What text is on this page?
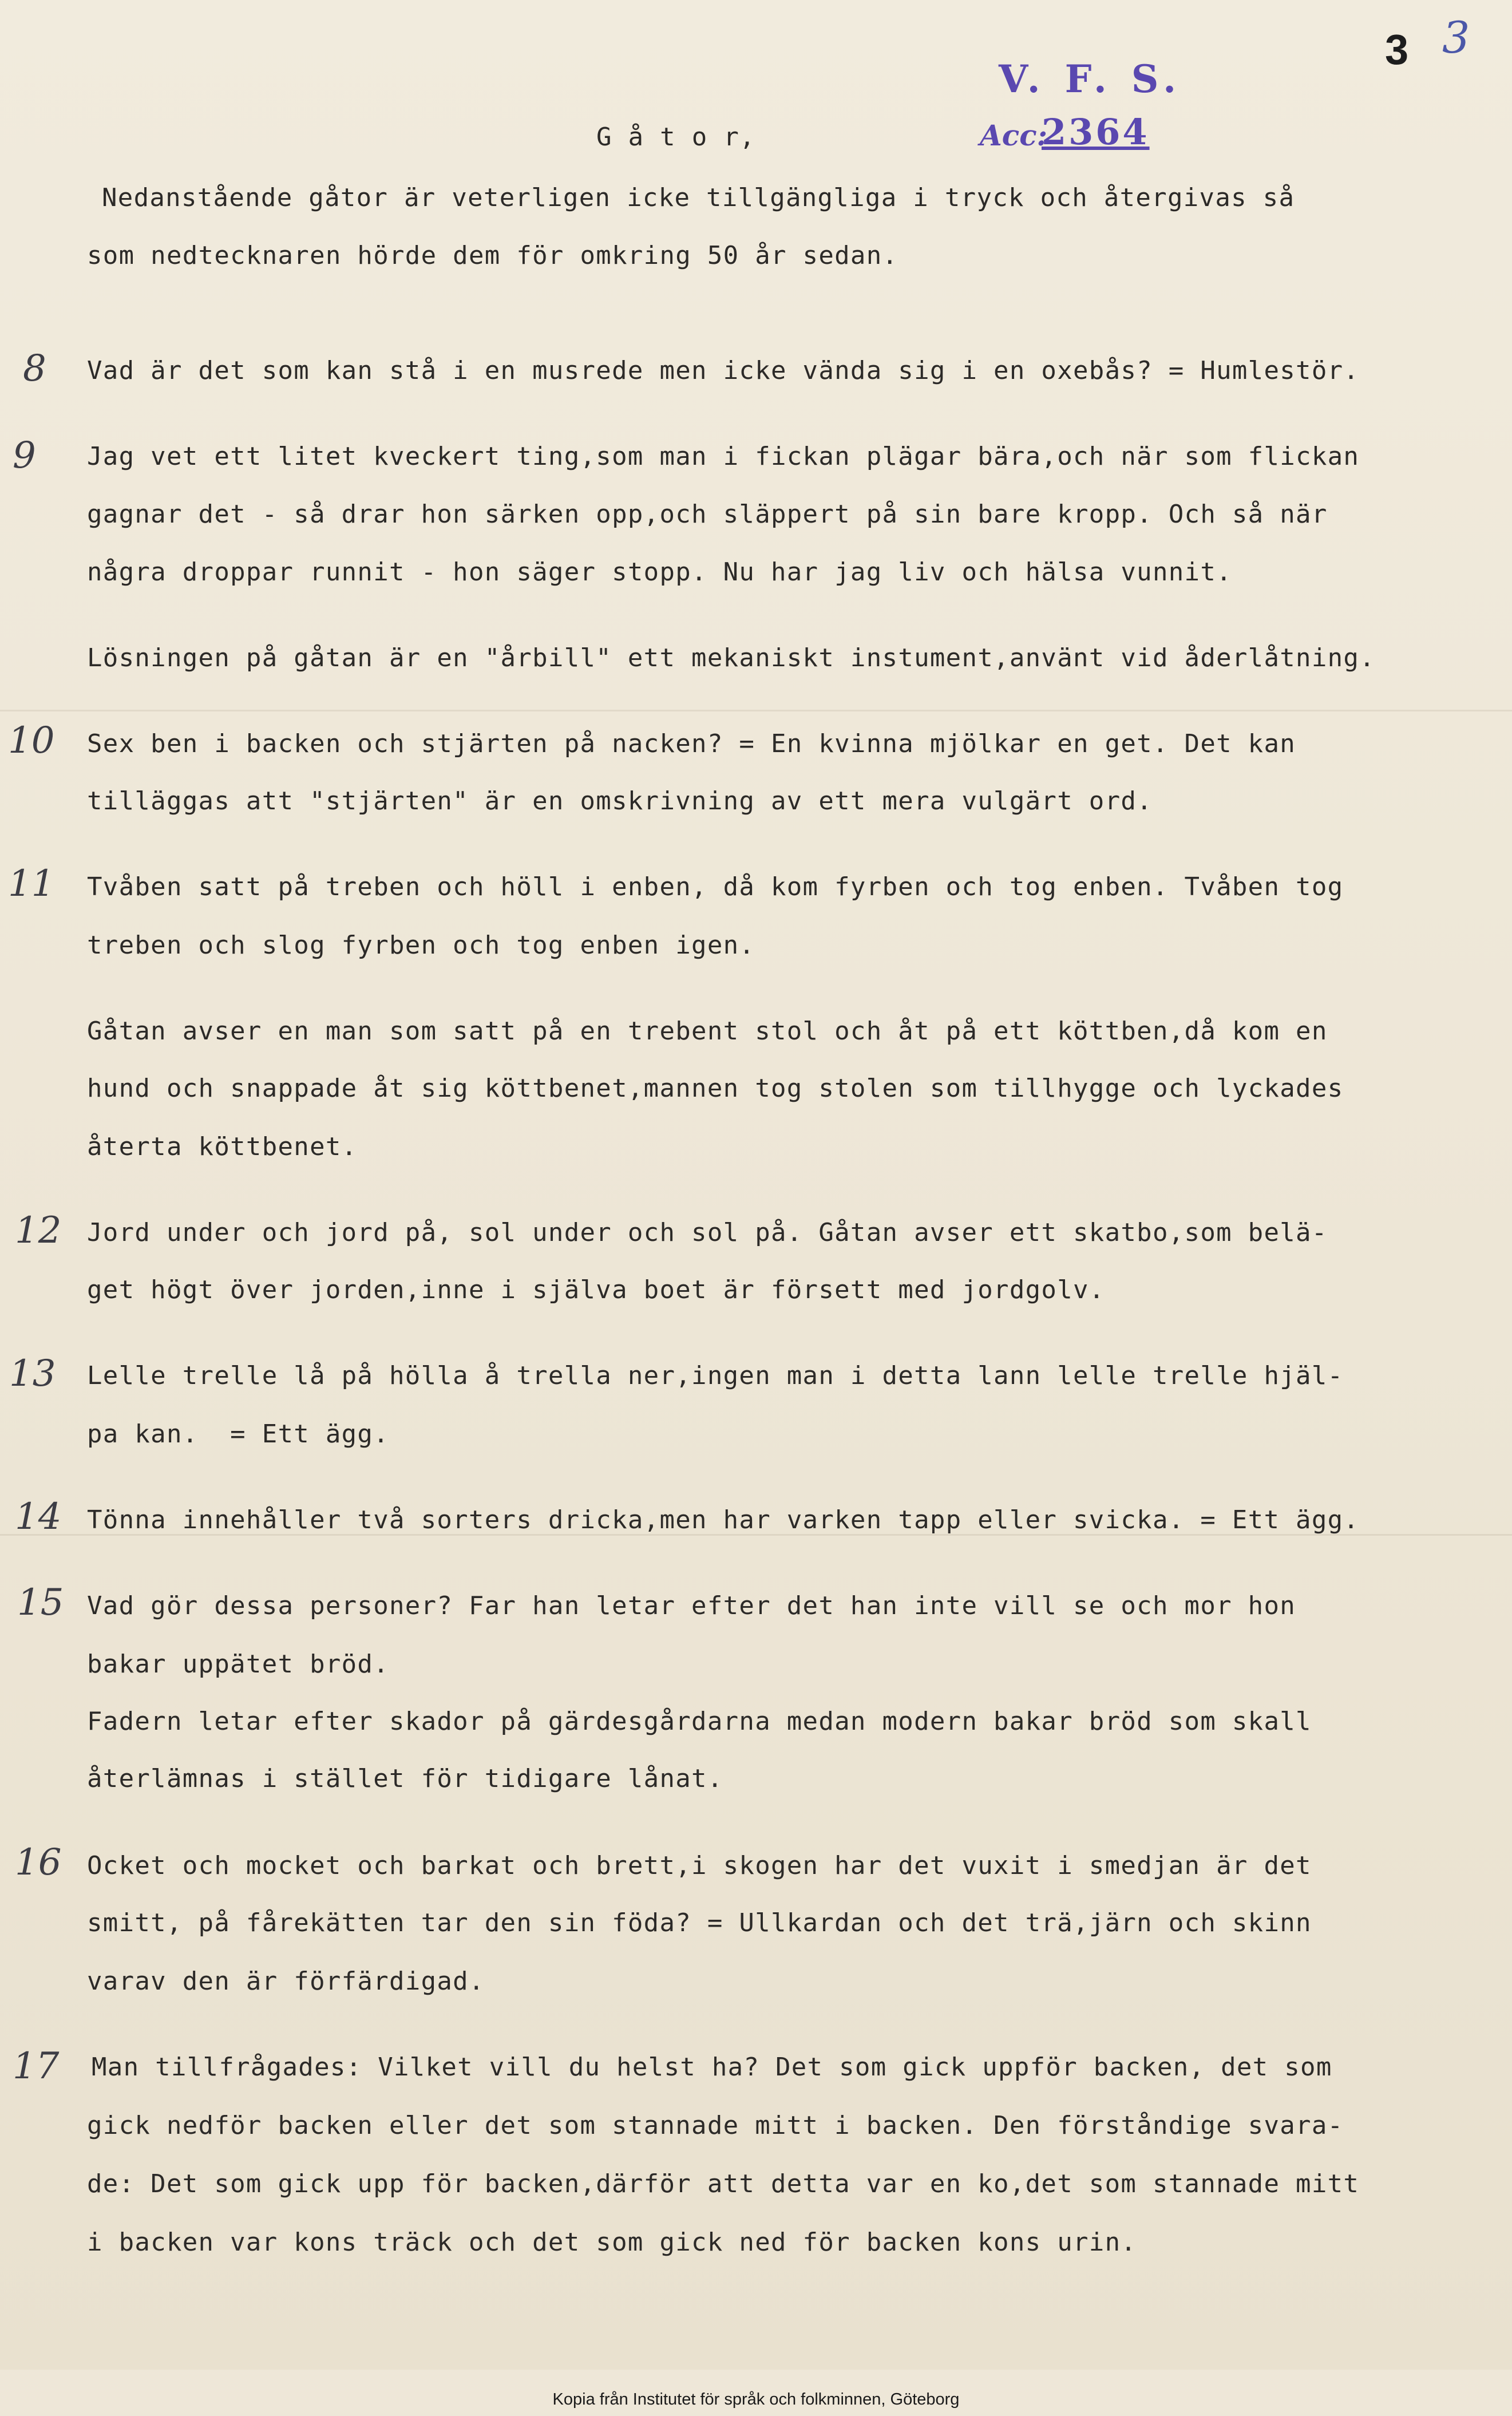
3 3
V. F. S.
Acc:
2364
G å t o r,
Nedanstående gåtor är veterligen icke tillgängliga i tryck och återgivas så
som nedtecknaren hörde dem för omkring 50 år sedan.
8 Vad är det som kan stå i en musrede men icke vända sig i en oxebås? = Humlestör.
9 Jag vet ett litet kveckert ting,som man i fickan plägar bära,och när som flickan
gagnar det - så drar hon särken opp,och släppert på sin bare kropp. Och så när
några droppar runnit - hon säger stopp. Nu har jag liv och hälsa vunnit.
Lösningen på gåtan är en "årbill" ett mekaniskt instument,använt vid åderlåtning.
10 Sex ben i backen och stjärten på nacken? = En kvinna mjölkar en get. Det kan
tilläggas att "stjärten" är en omskrivning av ett mera vulgärt ord.
11 Tvåben satt på treben och höll i enben, då kom fyrben och tog enben. Tvåben tog
treben och slog fyrben och tog enben igen.
Gåtan avser en man som satt på en trebent stol och åt på ett köttben,då kom en
hund och snappade åt sig köttbenet,mannen tog stolen som tillhygge och lyckades
återta köttbenet.
12 Jord under och jord på, sol under och sol på. Gåtan avser ett skatbo,som belä-
get högt över jorden,inne i själva boet är försett med jordgolv.
13 Lelle trelle lå på hölla å trella ner,ingen man i detta lann lelle trelle hjäl-
pa kan.  = Ett ägg.
14 Tönna innehåller två sorters dricka,men har varken tapp eller svicka. = Ett ägg.
15 Vad gör dessa personer? Far han letar efter det han inte vill se och mor hon
bakar uppätet bröd.
Fadern letar efter skador på gärdesgårdarna medan modern bakar bröd som skall
återlämnas i stället för tidigare lånat.
16 Ocket och mocket och barkat och brett,i skogen har det vuxit i smedjan är det
smitt, på fårekätten tar den sin föda? = Ullkardan och det trä,järn och skinn
varav den är förfärdigad.
17 Man tillfrågades: Vilket vill du helst ha? Det som gick uppför backen, det som
gick nedför backen eller det som stannade mitt i backen. Den förståndige svara-
de: Det som gick upp för backen,därför att detta var en ko,det som stannade mitt
i backen var kons träck och det som gick ned för backen kons urin.
Kopia från Institutet för språk och folkminnen, Göteborg
